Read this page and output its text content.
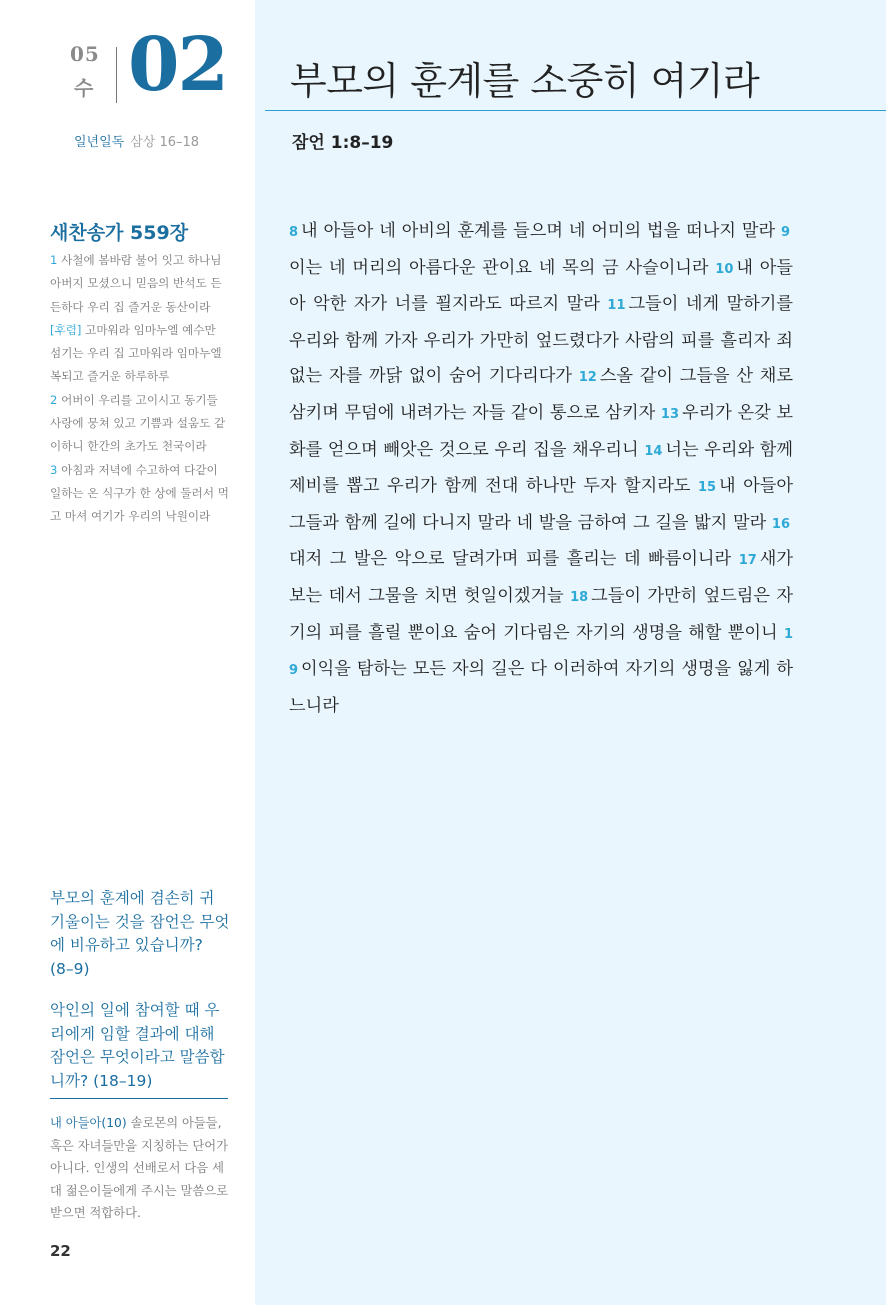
05
수 02
일년일독 삼상 16–18
새찬송가 559장
1 사철에 봄바람 불어 잇고 하나님 아버지 모셨으니 믿음의 반석도 든든하다 우리 집 즐거운 동산이라
[후렴] 고마워라 임마누엘 예수만 섬기는 우리 집 고마워라 임마누엘 복되고 즐거운 하루하루
2 어버이 우리를 고이시고 동기들 사랑에 뭉쳐 있고 기쁨과 설움도 같이하니 한간의 초가도 천국이라
3 아침과 저녁에 수고하여 다같이 일하는 온 식구가 한 상에 둘러서 먹고 마셔 여기가 우리의 낙원이라

부모의 훈계에 겸손히 귀 기울이는 것을 잠언은 무엇에 비유하고 있습니까? (8–9)

악인의 일에 참여할 때 우리에게 임할 결과에 대해 잠언은 무엇이라고 말씀합니까? (18–19)

내 아들아(10) 솔로몬의 아들들, 혹은 자녀들만을 지칭하는 단어가 아니다. 인생의 선배로서 다음 세대 젊은이들에게 주시는 말씀으로 받으면 적합하다.
22
부모의 훈계를 소중히 여기라
잠언 1:8–19
8 내 아들아 네 아비의 훈계를 들으며 네 어미의 법을 떠나지 말라 9이는 네 머리의 아름다운 관이요 네 목의 금 사슬이니라 10 내 아들아 악한 자가 너를 꾈지라도 따르지 말라 11 그들이 네게 말하기를 우리와 함께 가자 우리가 가만히 엎드렸다가 사람의 피를 흘리자 죄 없는 자를 까닭 없이 숨어 기다리다가 12 스올 같이 그들을 산 채로 삼키며 무덤에 내려가는 자들 같이 통으로 삼키자 13 우리가 온갖 보화를 얻으며 빼앗은 것으로 우리 집을 채우리니 14 너는 우리와 함께 제비를 뽑고 우리가 함께 전대 하나만 두자 할지라도 15 내 아들아 그들과 함께 길에 다니지 말라 네 발을 금하여 그 길을 밟지 말라 16대저 그 발은 악으로 달려가며 피를 흘리는 데 빠름이니라 17 새가 보는 데서 그물을 치면 헛일이겠거늘 18 그들이 가만히 엎드림은 자기의 피를 흘릴 뿐이요 숨어 기다림은 자기의 생명을 해할 뿐이니 19 이익을 탐하는 모든 자의 길은 다 이러하여 자기의 생명을 잃게 하느니라
